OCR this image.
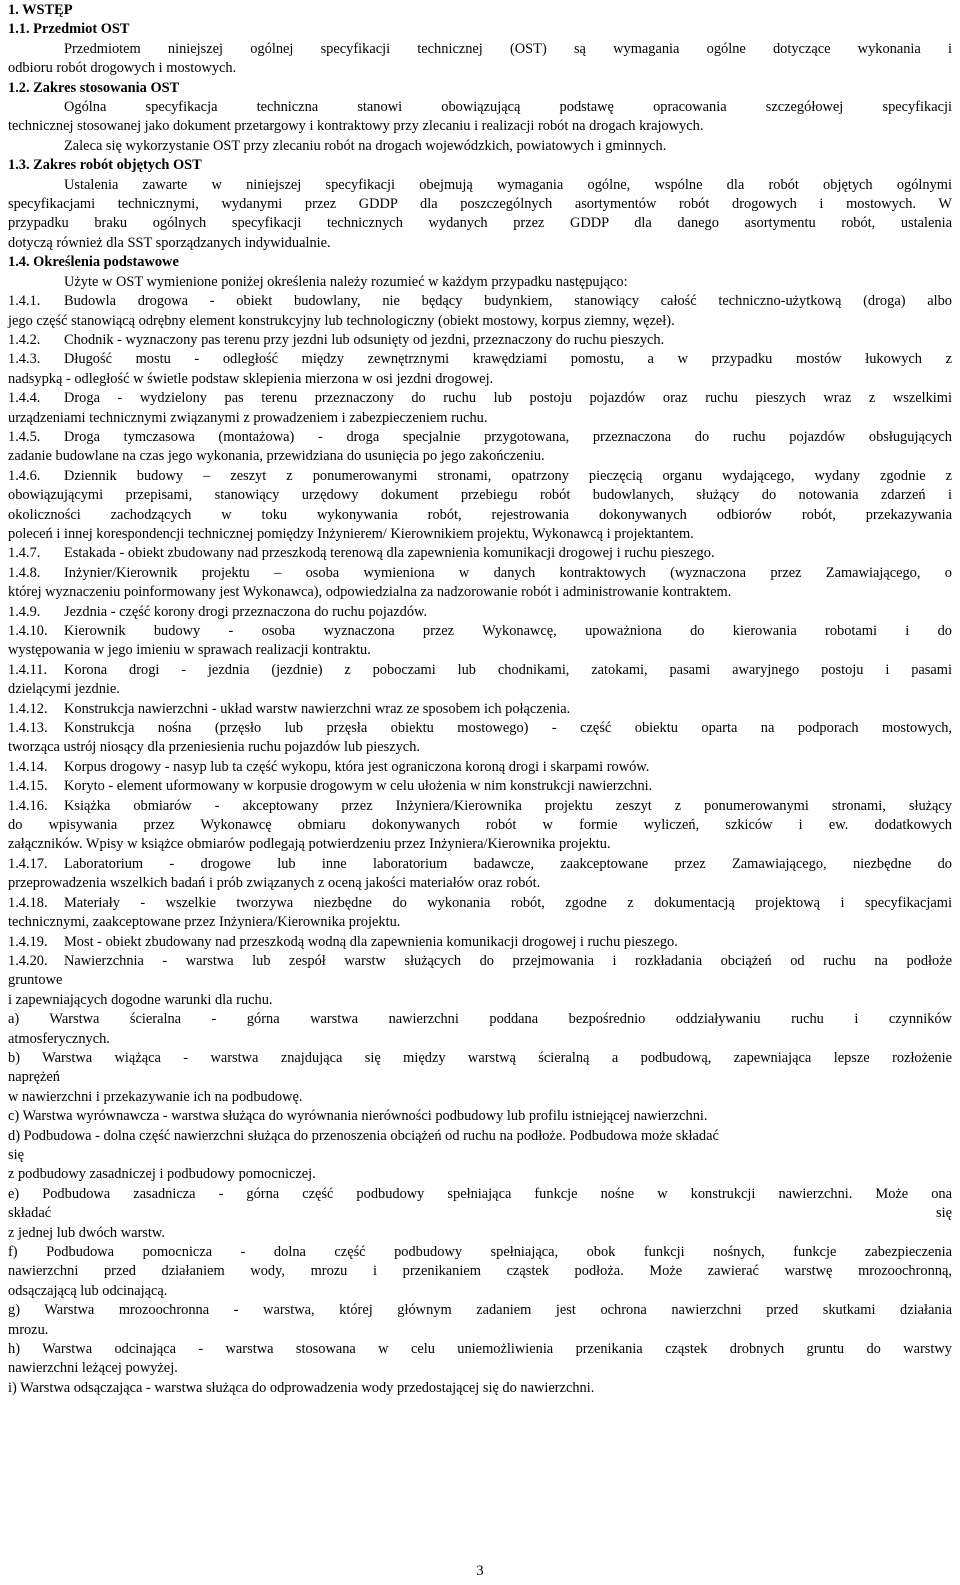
1. WSTĘP
1.1. Przedmiot OST
Przedmiotem niniejszej ogólnej specyfikacji technicznej (OST) są wymagania ogólne dotyczące wykonania i
odbioru robót drogowych i mostowych.
1.2. Zakres stosowania OST
Ogólna specyfikacja techniczna stanowi obowiązującą podstawę opracowania szczegółowej specyfikacji
technicznej stosowanej jako dokument przetargowy i kontraktowy przy zlecaniu i realizacji robót na drogach krajowych.
Zaleca się wykorzystanie OST przy zlecaniu robót na drogach wojewódzkich, powiatowych i gminnych.
1.3. Zakres robót objętych OST
Ustalenia zawarte w niniejszej specyfikacji obejmują wymagania ogólne, wspólne dla robót objętych ogólnymi
specyfikacjami technicznymi, wydanymi przez GDDP dla poszczególnych asortymentów robót drogowych i mostowych. W
przypadku braku ogólnych specyfikacji technicznych wydanych przez GDDP dla danego asortymentu robót, ustalenia
dotyczą również dla SST sporządzanych indywidualnie.
1.4. Określenia podstawowe
Użyte w OST wymienione poniżej określenia należy rozumieć w każdym przypadku następująco:
1.4.1. Budowla drogowa - obiekt budowlany, nie będący budynkiem, stanowiący całość techniczno-użytkową (droga) albo
jego część stanowiącą odrębny element konstrukcyjny lub technologiczny (obiekt mostowy, korpus ziemny, węzeł).
1.4.2. Chodnik - wyznaczony pas terenu przy jezdni lub odsunięty od jezdni, przeznaczony do ruchu pieszych.
1.4.3. Długość mostu - odległość między zewnętrznymi krawędziami pomostu, a w przypadku mostów łukowych z
nadsypką - odległość w świetle podstaw sklepienia mierzona w osi jezdni drogowej.
1.4.4. Droga - wydzielony pas terenu przeznaczony do ruchu lub postoju pojazdów oraz ruchu pieszych wraz z wszelkimi
urządzeniami technicznymi związanymi z prowadzeniem i zabezpieczeniem ruchu.
1.4.5. Droga tymczasowa (montażowa) - droga specjalnie przygotowana, przeznaczona do ruchu pojazdów obsługujących
zadanie budowlane na czas jego wykonania, przewidziana do usunięcia po jego zakończeniu.
1.4.6. Dziennik budowy – zeszyt z ponumerowanymi stronami, opatrzony pieczęcią organu wydającego, wydany zgodnie z
obowiązującymi przepisami, stanowiący urzędowy dokument przebiegu robót budowlanych, służący do notowania zdarzeń i
okoliczności zachodzących w toku wykonywania robót, rejestrowania dokonywanych odbiorów robót, przekazywania
poleceń i innej korespondencji technicznej pomiędzy Inżynierem/ Kierownikiem projektu, Wykonawcą i projektantem.
1.4.7. Estakada - obiekt zbudowany nad przeszkodą terenową dla zapewnienia komunikacji drogowej i ruchu pieszego.
1.4.8. Inżynier/Kierownik projektu – osoba wymieniona w danych kontraktowych (wyznaczona przez Zamawiającego, o
której wyznaczeniu poinformowany jest Wykonawca), odpowiedzialna za nadzorowanie robót i administrowanie kontraktem.
1.4.9. Jezdnia - część korony drogi przeznaczona do ruchu pojazdów.
1.4.10. Kierownik budowy - osoba wyznaczona przez Wykonawcę, upoważniona do kierowania robotami i do
występowania w jego imieniu w sprawach realizacji kontraktu.
1.4.11. Korona drogi - jezdnia (jezdnie) z poboczami lub chodnikami, zatokami, pasami awaryjnego postoju i pasami
dzielącymi jezdnie.
1.4.12. Konstrukcja nawierzchni - układ warstw nawierzchni wraz ze sposobem ich połączenia.
1.4.13. Konstrukcja nośna (przęsło lub przęsła obiektu mostowego) - część obiektu oparta na podporach mostowych,
tworząca ustrój niosący dla przeniesienia ruchu pojazdów lub pieszych.
1.4.14. Korpus drogowy - nasyp lub ta część wykopu, która jest ograniczona koroną drogi i skarpami rowów.
1.4.15. Koryto - element uformowany w korpusie drogowym w celu ułożenia w nim konstrukcji nawierzchni.
1.4.16. Książka obmiarów - akceptowany przez Inżyniera/Kierownika projektu zeszyt z ponumerowanymi stronami, służący
do wpisywania przez Wykonawcę obmiaru dokonywanych robót w formie wyliczeń, szkiców i ew. dodatkowych
załączników. Wpisy w książce obmiarów podlegają potwierdzeniu przez Inżyniera/Kierownika projektu.
1.4.17. Laboratorium - drogowe lub inne laboratorium badawcze, zaakceptowane przez Zamawiającego, niezbędne do
przeprowadzenia wszelkich badań i prób związanych z oceną jakości materiałów oraz robót.
1.4.18. Materiały - wszelkie tworzywa niezbędne do wykonania robót, zgodne z dokumentacją projektową i specyfikacjami
technicznymi, zaakceptowane przez Inżyniera/Kierownika projektu.
1.4.19. Most - obiekt zbudowany nad przeszkodą wodną dla zapewnienia komunikacji drogowej i ruchu pieszego.
1.4.20. Nawierzchnia - warstwa lub zespół warstw służących do przejmowania i rozkładania obciążeń od ruchu na podłoże
gruntowe
i zapewniających dogodne warunki dla ruchu.
a) Warstwa ścieralna - górna warstwa nawierzchni poddana bezpośrednio oddziaływaniu ruchu i czynników
atmosferycznych.
b) Warstwa wiążąca - warstwa znajdująca się między warstwą ścieralną a podbudową, zapewniająca lepsze rozłożenie
naprężeń
w nawierzchni i przekazywanie ich na podbudowę.
c) Warstwa wyrównawcza - warstwa służąca do wyrównania nierówności podbudowy lub profilu istniejącej nawierzchni.
d) Podbudowa - dolna część nawierzchni służąca do przenoszenia obciążeń od ruchu na podłoże. Podbudowa może składać
się
z podbudowy zasadniczej i podbudowy pomocniczej.
e) Podbudowa zasadnicza - górna część podbudowy spełniająca funkcje nośne w konstrukcji nawierzchni. Może ona
składać się
z jednej lub dwóch warstw.
f) Podbudowa pomocnicza - dolna część podbudowy spełniająca, obok funkcji nośnych, funkcje zabezpieczenia
nawierzchni przed działaniem wody, mrozu i przenikaniem cząstek podłoża. Może zawierać warstwę mrozoochronną,
odsączającą lub odcinającą.
g) Warstwa mrozoochronna - warstwa, której głównym zadaniem jest ochrona nawierzchni przed skutkami działania
mrozu.
h) Warstwa odcinająca - warstwa stosowana w celu uniemożliwienia przenikania cząstek drobnych gruntu do warstwy
nawierzchni leżącej powyżej.
i) Warstwa odsączająca - warstwa służąca do odprowadzenia wody przedostającej się do nawierzchni.
3
